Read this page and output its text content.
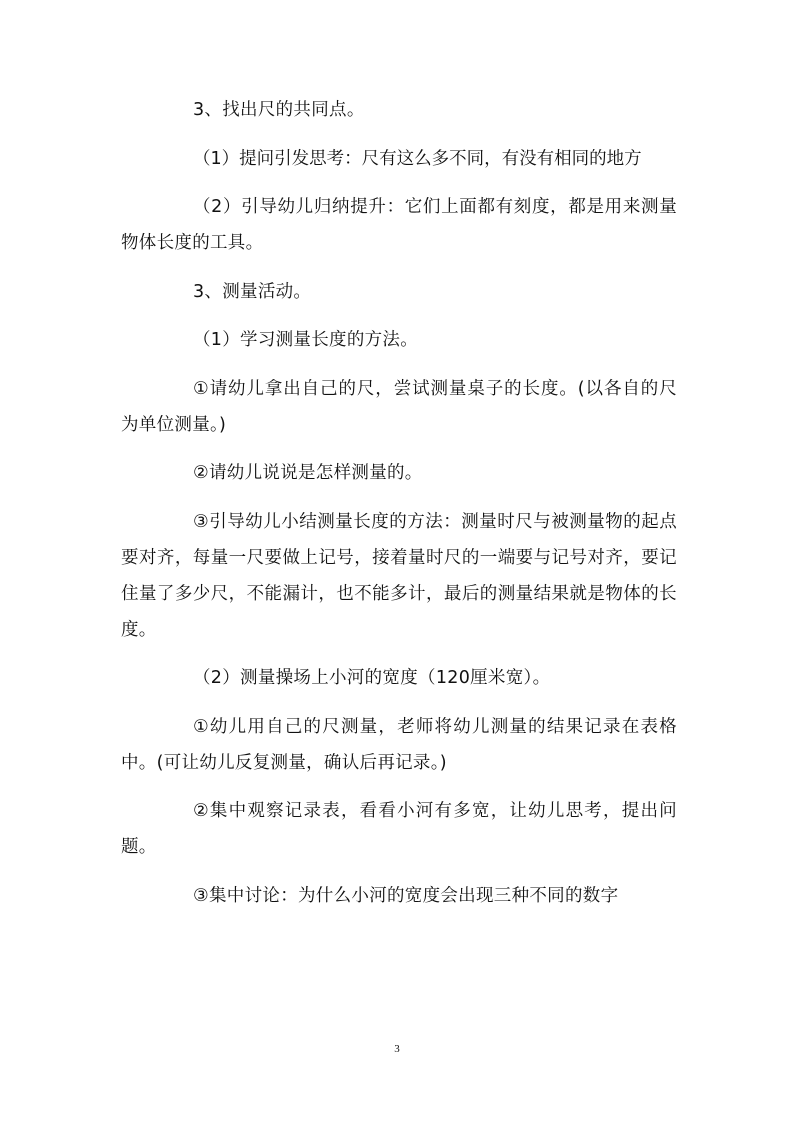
3、找出尺的共同点。

（1）提问引发思考：尺有这么多不同，有没有相同的地方

（2）引导幼儿归纳提升：它们上面都有刻度，都是用来测量物体长度的工具。

3、测量活动。

（1）学习测量长度的方法。

①请幼儿拿出自己的尺，尝试测量桌子的长度。(以各自的尺为单位测量。)

②请幼儿说说是怎样测量的。

③引导幼儿小结测量长度的方法：测量时尺与被测量物的起点要对齐，每量一尺要做上记号，接着量时尺的一端要与记号对齐，要记住量了多少尺，不能漏计，也不能多计，最后的测量结果就是物体的长度。

（2）测量操场上小河的宽度（120厘米宽）。

①幼儿用自己的尺测量，老师将幼儿测量的结果记录在表格中。(可让幼儿反复测量，确认后再记录。)

②集中观察记录表，看看小河有多宽，让幼儿思考，提出问题。

③集中讨论：为什么小河的宽度会出现三种不同的数字

3
